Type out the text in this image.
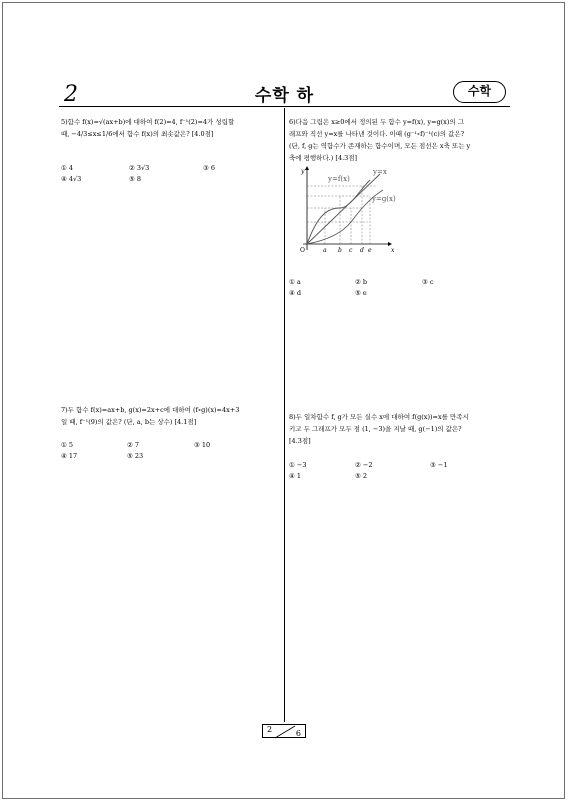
2	수학 하	수학

5)함수 f(x)=√(ax+b)에 대하여 f(2)=4, f⁻¹(2)=4가 성립할

때, −4/3≤x≤1/6에서 함수 f(x)의 최솟값은? [4.0점]

① 4	② 3√3	③ 6
④ 4√3	⑤ 8

6)다음 그림은 x≥0에서 정의된 두 함수 y=f(x), y=g(x)의 그

래프와 직선 y=x를 나타낸 것이다. 이때 (g⁻¹∘f)⁻¹(c)의 값은?

(단, f, g는 역함수가 존재하는 함수이며, 모든 점선은 x축 또는 y

축에 평행하다.) [4.3점]

y=f(x)
y=x
y=g(x)
y
x
O	a b c d e
① a	② b	③ c
④ d	⑤ e

7)두 함수 f(x)=ax+b, g(x)=2x+c에 대하여 (f∘g)(x)=4x+3

일 때, f⁻¹(9)의 값은? (단, a, b는 상수) [4.1점]

① 5	② 7	③ 10
④ 17	⑤ 23

8)두 일차함수 f, g가 모든 실수 x에 대하여 f(g(x))=x를 만족시

키고 두 그래프가 모두 점 (1, −3)을 지날 때, g(−1)의 값은?

[4.3점]

① −3	② −2	③ −1
④ 1	⑤ 2
2	6
